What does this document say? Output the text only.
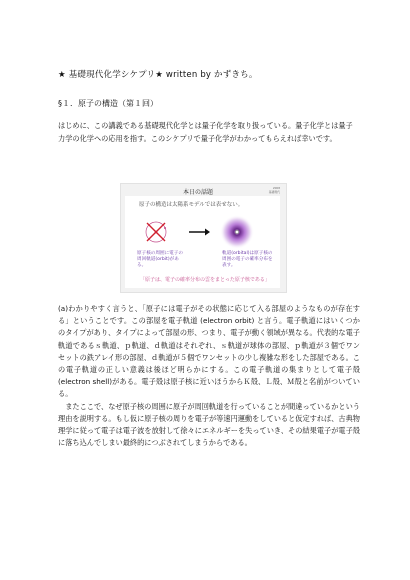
★ 基礎現代化学シケプリ★ written by かずきち。
§１．原子の構造（第１回）
はじめに、この講義である基礎現代化学とは量子化学を取り扱っている。量子化学とは量子力学の化学への応用を指す。このシケプリで量子化学がわかってもらえれば幸いです。
本日の話題
2008
基礎現代
原子の構造は太陽系モデルでは表せない。
原子核の周囲に電子の周回軌道(orbit)がある。
軌道(orbital)は原子核の周囲の電子の確率分布を表す。
「原子は、電子の確率分布の雲をまとった原子核である」

(a)わかりやすく言うと、「原子には電子がその状態に応じて入る部屋のようなものが存在する」ということです。この部屋を電子軌道 (electron orbit) と言う。電子軌道にはいくつかのタイプがあり、タイプによって部屋の形、つまり、電子が動く領域が異なる。代表的な電子軌道であるｓ軌道、ｐ軌道、ｄ軌道はそれぞれ、ｓ軌道が球体の部屋、ｐ軌道が３個でワンセットの鉄アレイ形の部屋、ｄ軌道が５個でワンセットの少し複雑な形をした部屋である。この電子軌道の正しい意義は後ほど明らかにする。この電子軌道の集まりとして電子殻(electron shell)がある。電子殻は原子核に近いほうからＫ殻、Ｌ殻、Ｍ殻と名前がついている。

　またここで、なぜ原子核の周囲に原子が周回軌道を行っていることが間違っているかという理由を説明する。もし仮に原子核の周りを電子が等速円運動をしていると仮定すれば、古典物理学に従って電子は電子波を放射して徐々にエネルギーを失っていき、その結果電子が電子殻に落ち込んでしまい最終的につぶされてしまうからである。
